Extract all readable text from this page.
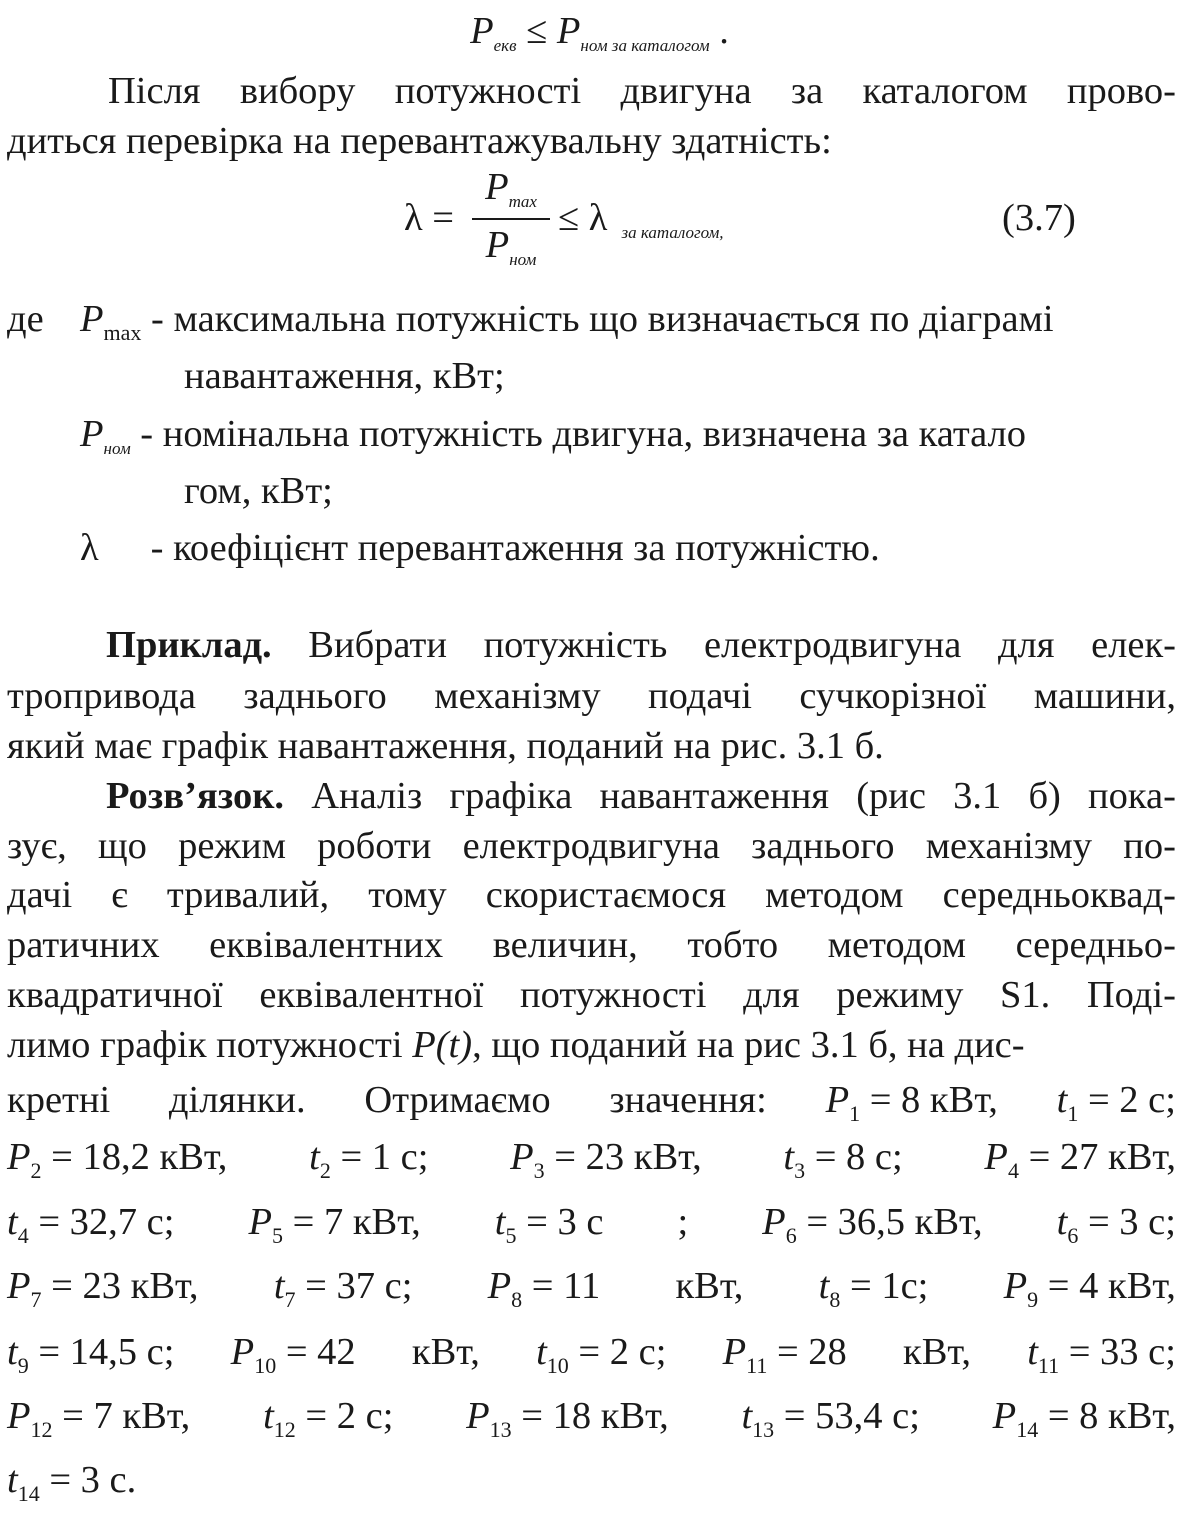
$P_{екв} \le P_{ном за каталогом}$ .
Після вибору потужності двигуна за каталогом прово-
диться перевірка на перевантажувальну здатність:
λ =
$P_{max}$
$P_{ном}$
≤ λ $_{за каталогом,}$	(3.7)
де $P_{max}$ - максимальна потужність що визначається по діаграмі
навантаження, кВт;
$P_{ном}$ - номінальна потужність двигуна, визначена за катало
гом, кВт;
λ - коефіцієнт перевантаження за потужністю.
Приклад. Вибрати потужність електродвигуна для елек-
тропривода заднього механізму подачі сучкорізної машини,
який має графік навантаження, поданий на рис. 3.1 б.
Розв’язок. Аналіз графіка навантаження (рис 3.1 б) пока-
зує, що режим роботи електродвигуна заднього механізму по-
дачі є тривалий, тому скористаємося методом середньоквад-
ратичних еквівалентних величин, тобто методом середньо-
квадратичної еквівалентної потужності для режиму S1. Поді-
лимо графік потужності P(t), що поданий на рис 3.1 б, на дис-
кретні ділянки. Отримаємо значення: $P_1 = 8$ кВт, $t_1 = 2$ с;
$P_2 = 18,2$ кВт, $t_2 = 1$ с; $P_3 = 23$ кВт, $t_3 = 8$ с; $P_4 = 27$ кВт,
$t_4 = 32,7$ с; $P_5 = 7$ кВт, $t_5 = 3$ с ; $P_6 = 36,5$ кВт, $t_6 = 3$ с;
$P_7 = 23$ кВт, $t_7 = 37$ с; $P_8 = 11$ кВт, $t_8 = 1с$; $P_9 = 4$ кВт,
$t_9 = 14,5$ с; $P_{10} = 42$ кВт, $t_{10} = 2$ с; $P_{11} = 28$ кВт, $t_{11} = 33$ с;
$P_{12} = 7$ кВт, $t_{12} = 2$ с; $P_{13} = 18$ кВт, $t_{13} = 53,4$ с; $P_{14} = 8$ кВт,
$t_{14} = 3$ с.
